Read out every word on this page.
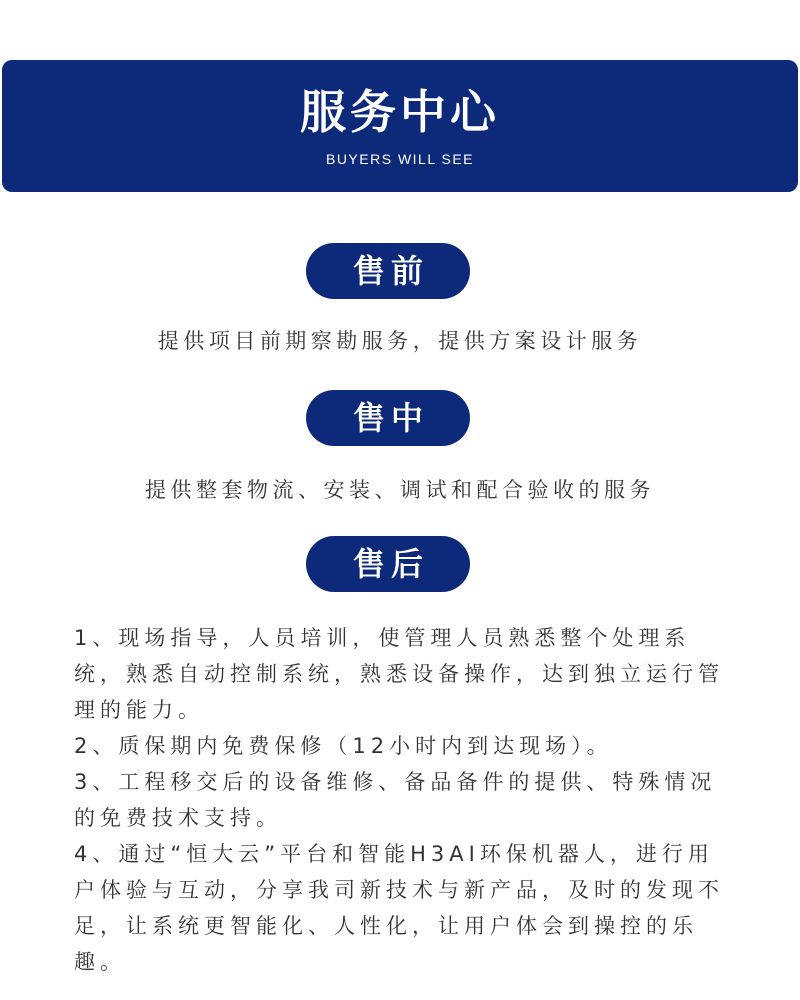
服务中心
BUYERS WILL SEE
售前
提供项目前期察勘服务，提供方案设计服务
售中
提供整套物流、安装、调试和配合验收的服务
售后

1、现场指导，人员培训，使管理人员熟悉整个处理系统，熟悉自动控制系统，熟悉设备操作，达到独立运行管理的能力。

2、质保期内免费保修（12小时内到达现场）。

3、工程移交后的设备维修、备品备件的提供、特殊情况的免费技术支持。

4、通过“恒大云”平台和智能H3AI环保机器人，进行用户体验与互动，分享我司新技术与新产品，及时的发现不足，让系统更智能化、人性化，让用户体会到操控的乐趣。
